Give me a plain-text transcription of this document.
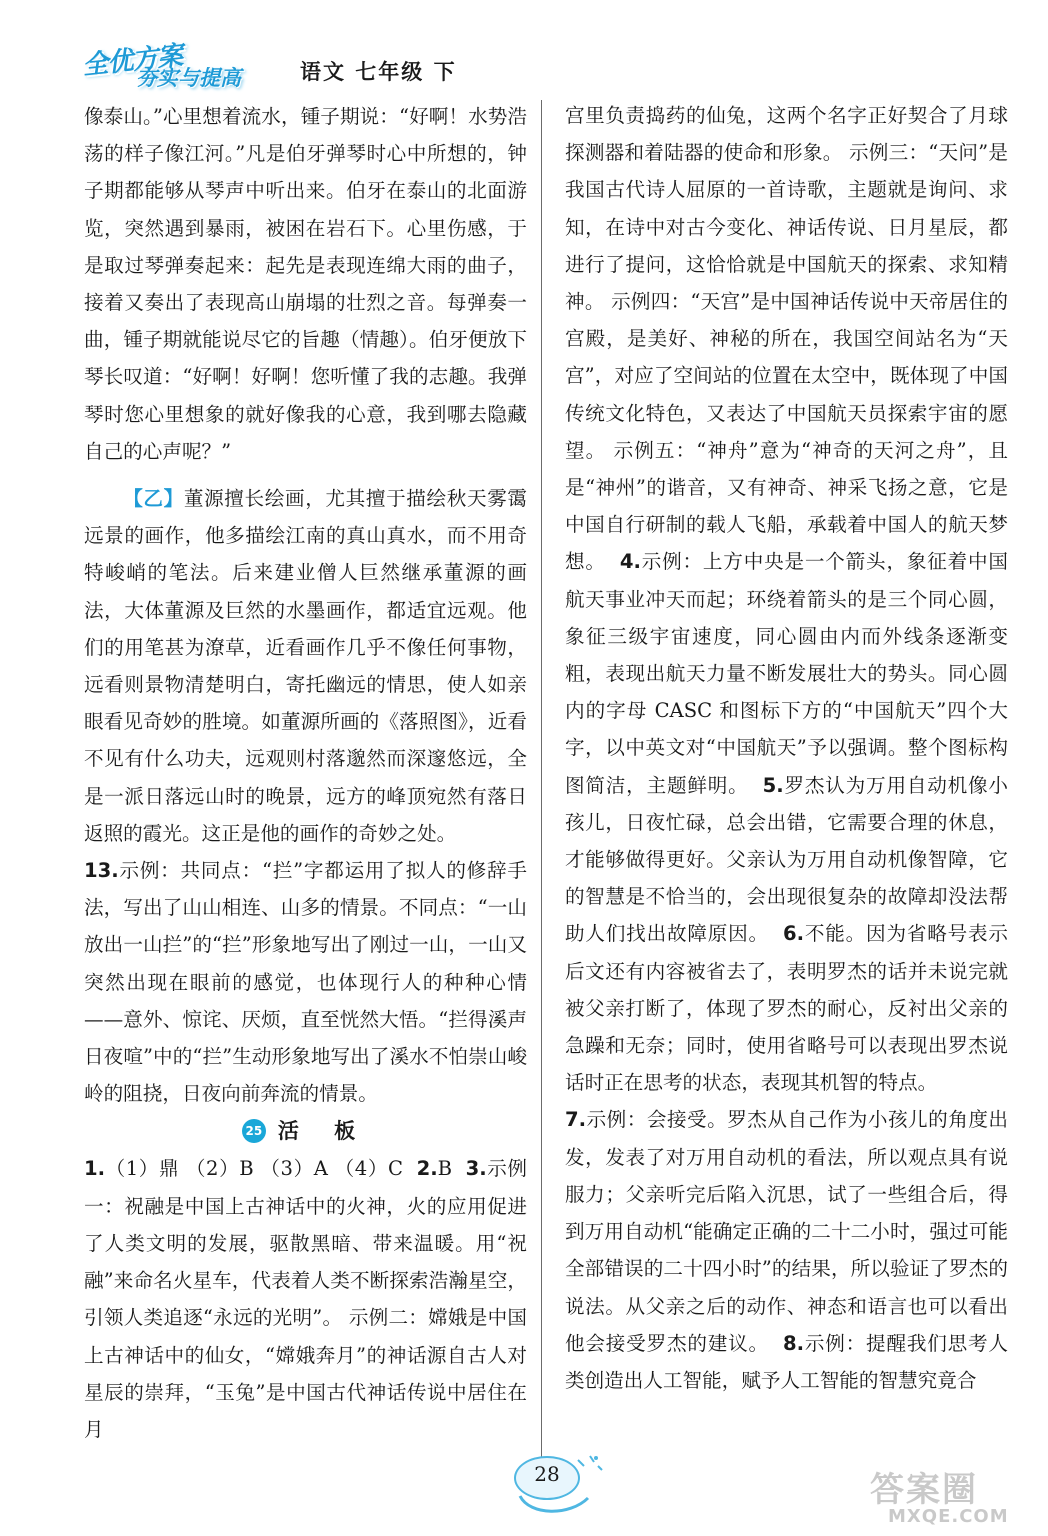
全优方案
夯实与提高	语文 七年级 下

像泰山。”心里想着流水，锺子期说：“好啊！水势浩荡的样子像江河。”凡是伯牙弹琴时心中所想的，钟子期都能够从琴声中听出来。伯牙在泰山的北面游览，突然遇到暴雨，被困在岩石下。心里伤感，于是取过琴弹奏起来：起先是表现连绵大雨的曲子，接着又奏出了表现高山崩塌的壮烈之音。每弹奏一曲，锺子期就能说尽它的旨趣（情趣）。伯牙便放下琴长叹道：“好啊！好啊！您听懂了我的志趣。我弹琴时您心里想象的就好像我的心意，我到哪去隐藏自己的心声呢？”

【乙】董源擅长绘画，尤其擅于描绘秋天雾霭远景的画作，他多描绘江南的真山真水，而不用奇特峻峭的笔法。后来建业僧人巨然继承董源的画法，大体董源及巨然的水墨画作，都适宜远观。他们的用笔甚为潦草，近看画作几乎不像任何事物，远看则景物清楚明白，寄托幽远的情思，使人如亲眼看见奇妙的胜境。如董源所画的《落照图》，近看不见有什么功夫，远观则村落邈然而深邃悠远，全是一派日落远山时的晚景，远方的峰顶宛然有落日返照的霞光。这正是他的画作的奇妙之处。

13.示例：共同点：“拦”字都运用了拟人的修辞手法，写出了山山相连、山多的情景。不同点：“一山放出一山拦”的“拦”形象地写出了刚过一山，一山又突然出现在眼前的感觉，也体现行人的种种心情——意外、惊诧、厌烦，直至恍然大悟。“拦得溪声日夜喧”中的“拦”生动形象地写出了溪水不怕崇山峻岭的阻挠，日夜向前奔流的情景。

25 活 板

1.（1）鼎 （2）B （3）A （4）C 2.B 3.示例一：祝融是中国上古神话中的火神，火的应用促进了人类文明的发展，驱散黑暗、带来温暖。用“祝融”来命名火星车，代表着人类不断探索浩瀚星空，引领人类追逐“永远的光明”。 示例二：嫦娥是中国上古神话中的仙女，“嫦娥奔月”的神话源自古人对星辰的崇拜，“玉兔”是中国古代神话传说中居住在月

宫里负责捣药的仙兔，这两个名字正好契合了月球探测器和着陆器的使命和形象。 示例三：“天问”是我国古代诗人屈原的一首诗歌，主题就是询问、求知，在诗中对古今变化、神话传说、日月星辰，都进行了提问，这恰恰就是中国航天的探索、求知精神。 示例四：“天宫”是中国神话传说中天帝居住的宫殿，是美好、神秘的所在，我国空间站名为“天宫”，对应了空间站的位置在太空中，既体现了中国传统文化特色，又表达了中国航天员探索宇宙的愿望。 示例五：“神舟”意为“神奇的天河之舟”，且是“神州”的谐音，又有神奇、神采飞扬之意，它是中国自行研制的载人飞船，承载着中国人的航天梦想。 4.示例：上方中央是一个箭头，象征着中国航天事业冲天而起；环绕着箭头的是三个同心圆，象征三级宇宙速度，同心圆由内而外线条逐渐变粗，表现出航天力量不断发展壮大的势头。同心圆内的字母 CASC 和图标下方的“中国航天”四个大字，以中英文对“中国航天”予以强调。整个图标构图简洁，主题鲜明。 5.罗杰认为万用自动机像小孩儿，日夜忙碌，总会出错，它需要合理的休息，才能够做得更好。父亲认为万用自动机像智障，它的智慧是不恰当的，会出现很复杂的故障却没法帮助人们找出故障原因。 6.不能。因为省略号表示后文还有内容被省去了，表明罗杰的话并未说完就被父亲打断了，体现了罗杰的耐心，反衬出父亲的急躁和无奈；同时，使用省略号可以表现出罗杰说话时正在思考的状态，表现其机智的特点。

7.示例：会接受。罗杰从自己作为小孩儿的角度出发，发表了对万用自动机的看法，所以观点具有说服力；父亲听完后陷入沉思，试了一些组合后，得到万用自动机“能确定正确的二十二小时，强过可能全部错误的二十四小时”的结果，所以验证了罗杰的说法。从父亲之后的动作、神态和语言也可以看出他会接受罗杰的建议。 8.示例：提醒我们思考人类创造出人工智能，赋予人工智能的智慧究竟合

28	答案圈
MXQE.COM
